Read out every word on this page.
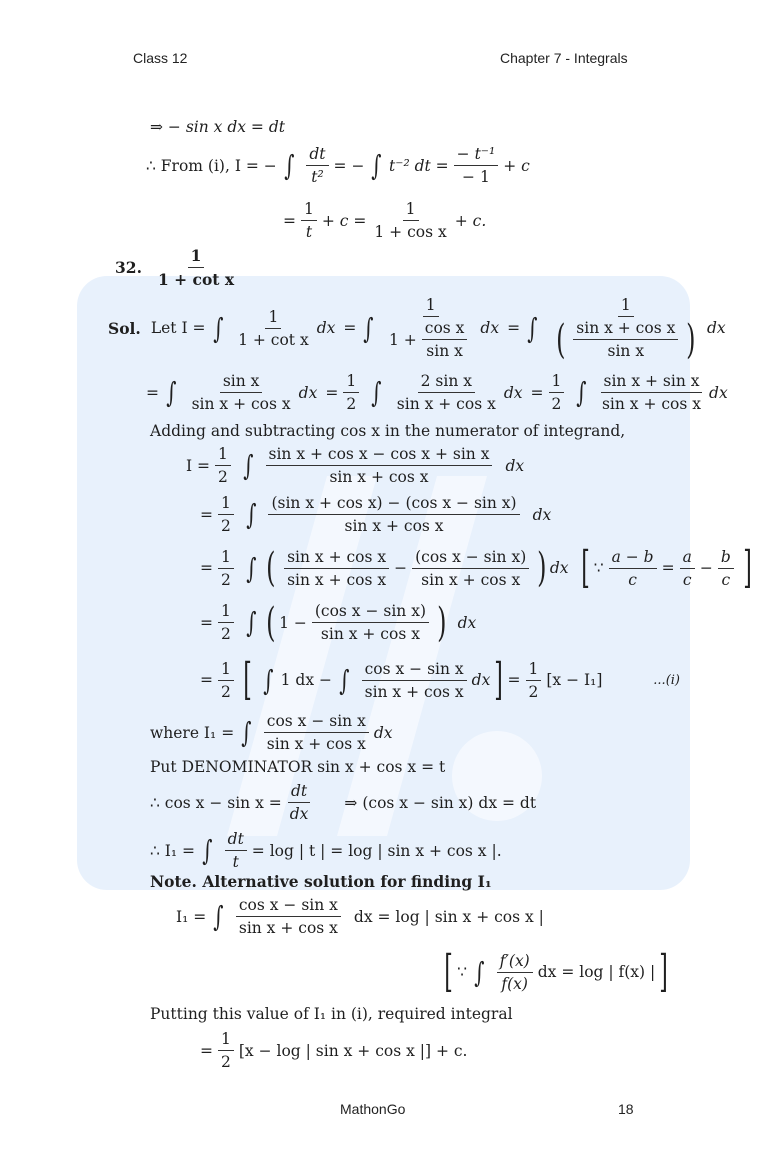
Class 12	Chapter 7 - Integrals
⇒ − sin x dx = dt
∴ From (i), I = − ∫ $\frac{dt}{\text{t²}}$ = − ∫ t⁻² dt = $\frac{\text{− t⁻¹}}{- 1} + c$
= $\frac{1}{t} + c = \frac{1}{\text{1 + cos x}} + c$.
32. $\frac{1}{\text{1 + cot x}}$
Sol. Let I = ∫ $\frac{1}{\text{1 + cot x}}$ dx = ∫ $\frac{1}{1 + \frac{\text{cos x}}{\text{sin x}}}$ dx = ∫ $\frac{1}{( \frac{\text{sin x + cos x}}{\text{sin x}} )}$ dx
= ∫ $\frac{\text{sin x}}{\text{sin x + cos x}}$ dx = $\frac{1}{2}$ ∫ $\frac{\text{2 sin x}}{\text{sin x + cos x}}$ dx = $\frac{1}{2}$ ∫ $\frac{\text{sin x + sin x}}{\text{sin x + cos x}}$ dx
Adding and subtracting cos x in the numerator of integrand,
$I = \frac{1}{2}$ ∫ $\frac{\text{sin x + cos x − cos x + sin x}}{\text{sin x + cos x}}$ dx
= $\frac{1}{2}$ ∫ $\frac{\text{(sin x + cos x) − (cos x − sin x)}}{\text{sin x + cos x}}$ dx
= $\frac{1}{2}$ ∫ ( $\frac{\text{sin x + cos x}}{\text{sin x + cos x}} - \frac{\text{(cos x − sin x)}}{\text{sin x + cos x}}$ ) dx [ ∵ $\frac{a - b}{c} = \frac{a}{c} - \frac{b}{c}$ ]
= $\frac{1}{2}$ ∫ ( $1 - \frac{\text{(cos x − sin x)}}{\text{sin x + cos x}}$ ) dx
= $\frac{1}{2}$ [ ∫ 1 dx − ∫ $\frac{\text{cos x − sin x}}{\text{sin x + cos x}}$ dx ] = $\frac{1}{2} [x - I_1]$	...(i)
where I₁ = ∫ $\frac{\text{cos x − sin x}}{\text{sin x + cos x}}$ dx
Put DENOMINATOR sin x + cos x = t
∴ $\cos x - \sin x = \frac{dt}{dx}$ ⇒ (cos x − sin x) dx = dt
∴ I₁ = ∫ $\frac{dt}{t} = \log$ | t | = log | sin x + cos x |.
Note. Alternative solution for finding I₁
I₁ = ∫ $\frac{\text{cos x − sin x}}{\text{sin x + cos x}}$ dx = log | sin x + cos x |
[ ∵ ∫ $\frac{f'(x)}{f(x)}$ dx = log | f(x) | ]
Putting this value of I₁ in (i), required integral
= $\frac{1}{2} [x - \log$ | sin x + cos x |] + c.
MathonGo	18
